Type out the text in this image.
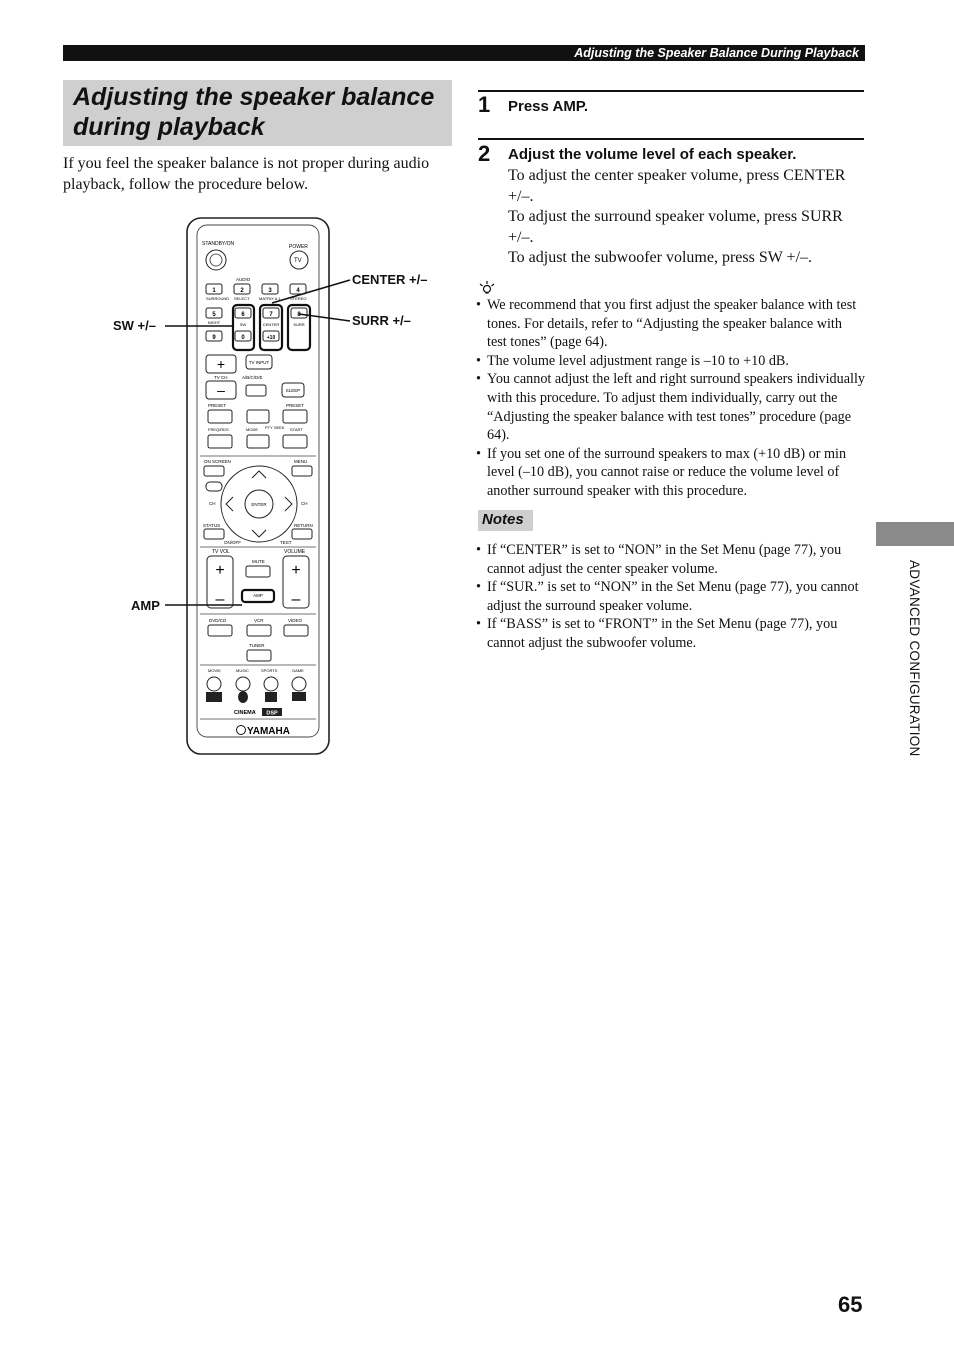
Adjusting the Speaker Balance During Playback
Adjusting the speaker balance during playback
If you feel the speaker balance is not proper during audio playback, follow the procedure below.
STANDBY/ON	POWER
TV
AUDIO
1	2	3	4
SURROUND SELECT MATRIX 6.1 STEREO
5	6	7	8
NIGHT	SW	CENTER	SURR
9	0	+10
+	TV INPUT
TV CH	A/B/C/D/E
–	SLEEP
PRESET	PRESET
FREQ/RDS	MODE PTY SEEK START
ON SCREEN	MENU
ENTER
CH	CH
STATUS	RETURN
ON/OFF	TEST
TV VOL	VOLUME
+
–
+
–
MUTE
AMP
DVD/CD	VCR	VIDEO
TUNER
MOVIE	MUSIC	SPORTS	GAME
CINEMA DSP
YAMAHA
CENTER +/–
SURR +/–
SW +/–
AMP
1 Press AMP.
2 Adjust the volume level of each speaker.
To adjust the center speaker volume, press CENTER +/–.
To adjust the surround speaker volume, press SURR +/–.
To adjust the subwoofer volume, press SW +/–.
• We recommend that you first adjust the speaker balance with test tones. For details, refer to “Adjusting the speaker balance with test tones” (page 64).
• The volume level adjustment range is –10 to +10 dB.
• You cannot adjust the left and right surround speakers individually with this procedure. To adjust them individually, carry out the “Adjusting the speaker balance with test tones” procedure (page 64).
• If you set one of the surround speakers to max (+10 dB) or min level (–10 dB), you cannot raise or reduce the volume level of another surround speaker with this procedure.
Notes
• If “CENTER” is set to “NON” in the Set Menu (page 77), you cannot adjust the center speaker volume.
• If “SUR.” is set to “NON” in the Set Menu (page 77), you cannot adjust the surround speaker volume.
• If “BASS” is set to “FRONT” in the Set Menu (page 77), you cannot adjust the subwoofer volume.	ADVANCED CONFIGURATION
65
